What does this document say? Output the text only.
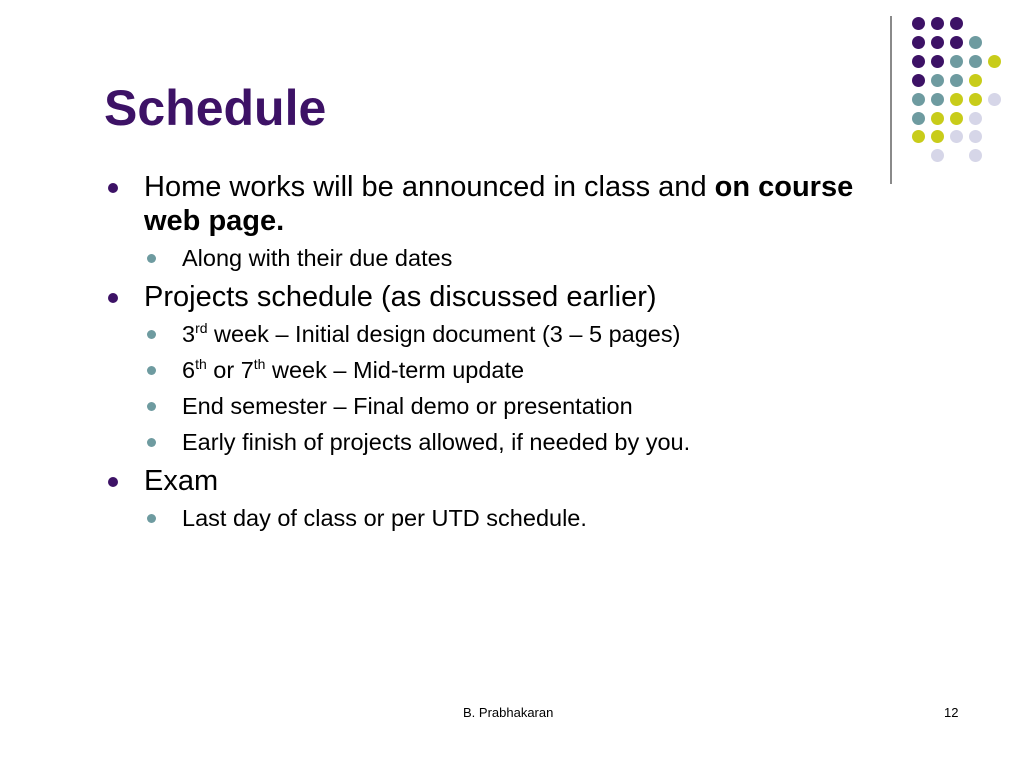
Schedule
Home works will be announced in class and on course web page.
Along with their due dates
Projects schedule (as discussed earlier)
3rd week – Initial design document (3 – 5 pages)
6th or 7th week – Mid-term update
End semester – Final demo or presentation
Early finish of projects allowed, if needed by you.
Exam
Last day of class or per UTD schedule.
B. Prabhakaran	12
